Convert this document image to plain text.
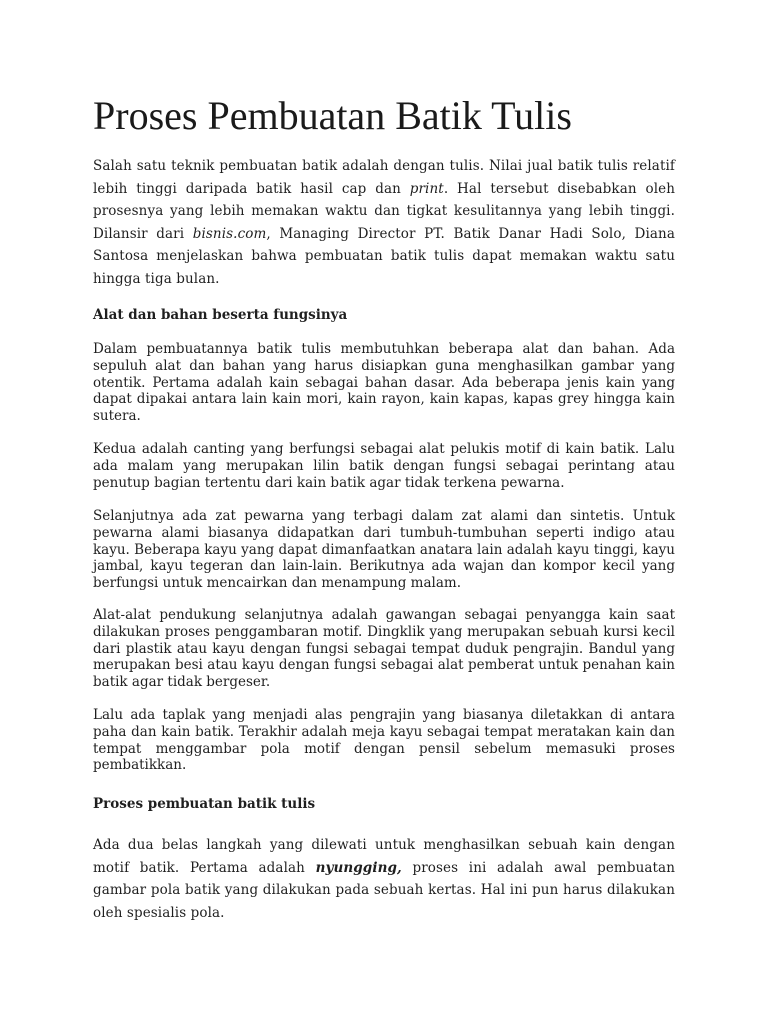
Proses Pembuatan Batik Tulis

Salah satu teknik pembuatan batik adalah dengan tulis. Nilai jual batik tulis relatif lebih tinggi daripada batik hasil cap dan print. Hal tersebut disebabkan oleh prosesnya yang lebih memakan waktu dan tigkat kesulitannya yang lebih tinggi. Dilansir dari bisnis.com, Managing Director PT. Batik Danar Hadi Solo, Diana Santosa menjelaskan bahwa pembuatan batik tulis dapat memakan waktu satu hingga tiga bulan.

Alat dan bahan beserta fungsinya

Dalam pembuatannya batik tulis membutuhkan beberapa alat dan bahan. Ada sepuluh alat dan bahan yang harus disiapkan guna menghasilkan gambar yang otentik. Pertama adalah kain sebagai bahan dasar. Ada beberapa jenis kain yang dapat dipakai antara lain kain mori, kain rayon, kain kapas, kapas grey hingga kain sutera.

Kedua adalah canting yang berfungsi sebagai alat pelukis motif di kain batik. Lalu ada malam yang merupakan lilin batik dengan fungsi sebagai perintang atau penutup bagian tertentu dari kain batik agar tidak terkena pewarna.

Selanjutnya ada zat pewarna yang terbagi dalam zat alami dan sintetis. Untuk pewarna alami biasanya didapatkan dari tumbuh-tumbuhan seperti indigo atau kayu. Beberapa kayu yang dapat dimanfaatkan anatara lain adalah kayu tinggi, kayu jambal, kayu tegeran dan lain-lain. Berikutnya ada wajan dan kompor kecil yang berfungsi untuk mencairkan dan menampung malam.

Alat-alat pendukung selanjutnya adalah gawangan sebagai penyangga kain saat dilakukan proses penggambaran motif. Dingklik yang merupakan sebuah kursi kecil dari plastik atau kayu dengan fungsi sebagai tempat duduk pengrajin. Bandul yang merupakan besi atau kayu dengan fungsi sebagai alat pemberat untuk penahan kain batik agar tidak bergeser.

Lalu ada taplak yang menjadi alas pengrajin yang biasanya diletakkan di antara paha dan kain batik. Terakhir adalah meja kayu sebagai tempat meratakan kain dan tempat menggambar pola motif dengan pensil sebelum memasuki proses pembatikkan.

Proses pembuatan batik tulis

Ada dua belas langkah yang dilewati untuk menghasilkan sebuah kain dengan motif batik. Pertama adalah nyungging, proses ini adalah awal pembuatan gambar pola batik yang dilakukan pada sebuah kertas. Hal ini pun harus dilakukan oleh spesialis pola.
